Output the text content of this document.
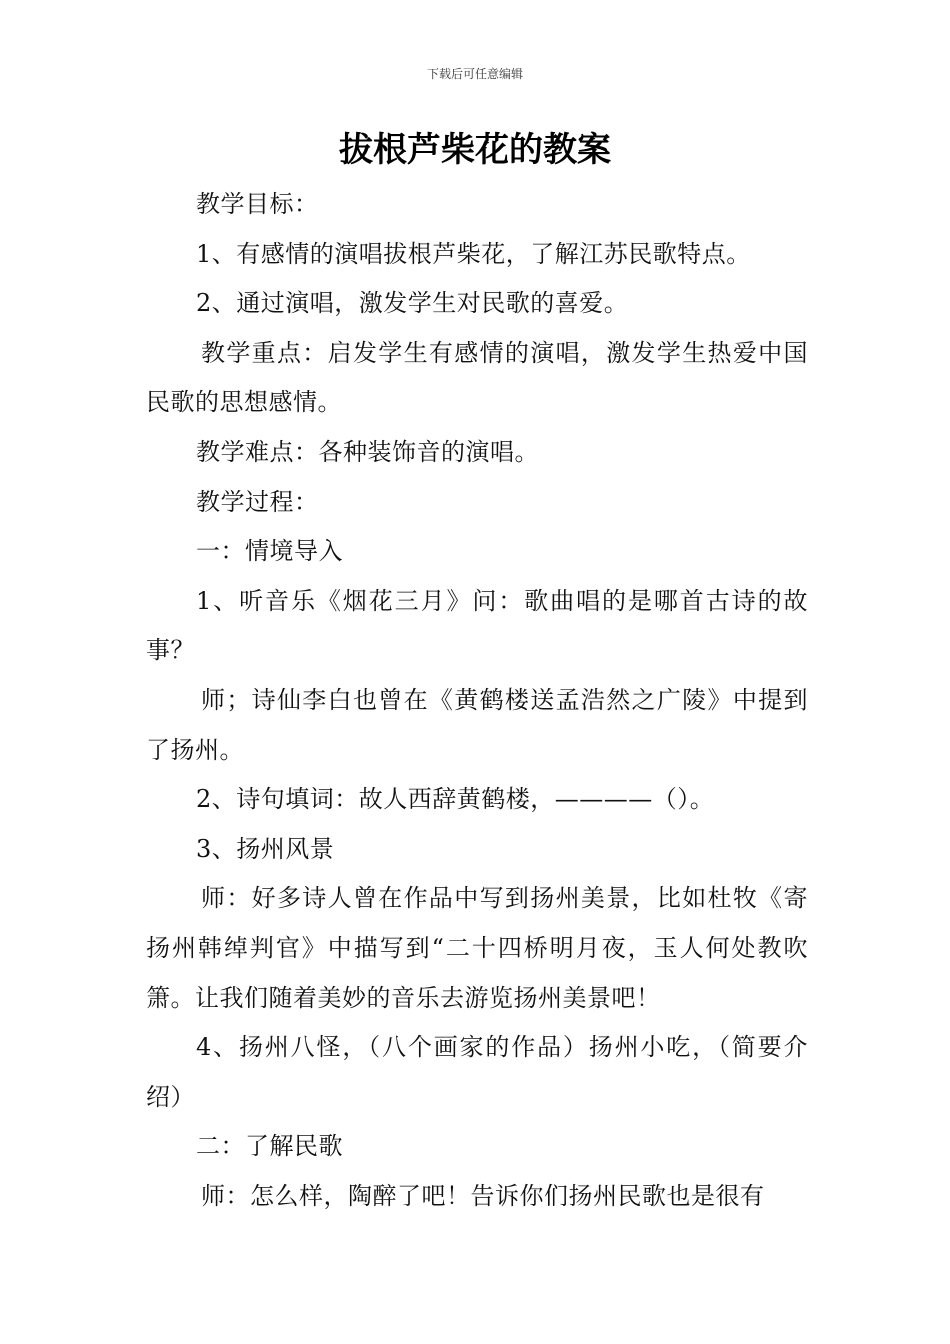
下载后可任意编辑
拔根芦柴花的教案

教学目标：

1、有感情的演唱拔根芦柴花，了解江苏民歌特点。

2、通过演唱，激发学生对民歌的喜爱。

教学重点：启发学生有感情的演唱，激发学生热爱中国民歌的思想感情。

教学难点：各种装饰音的演唱。

教学过程：

一：情境导入

1、听音乐《烟花三月》问：歌曲唱的是哪首古诗的故事？

师；诗仙李白也曾在《黄鹤楼送孟浩然之广陵》中提到了扬州。

2、诗句填词：故人西辞黄鹤楼，————（）。

3、扬州风景

师：好多诗人曾在作品中写到扬州美景，比如杜牧《寄扬州韩绰判官》中描写到“二十四桥明月夜，玉人何处教吹箫。让我们随着美妙的音乐去游览扬州美景吧！

4、扬州八怪，（八个画家的作品）扬州小吃，（简要介绍）

二：了解民歌

师：怎么样，陶醉了吧！告诉你们扬州民歌也是很有
